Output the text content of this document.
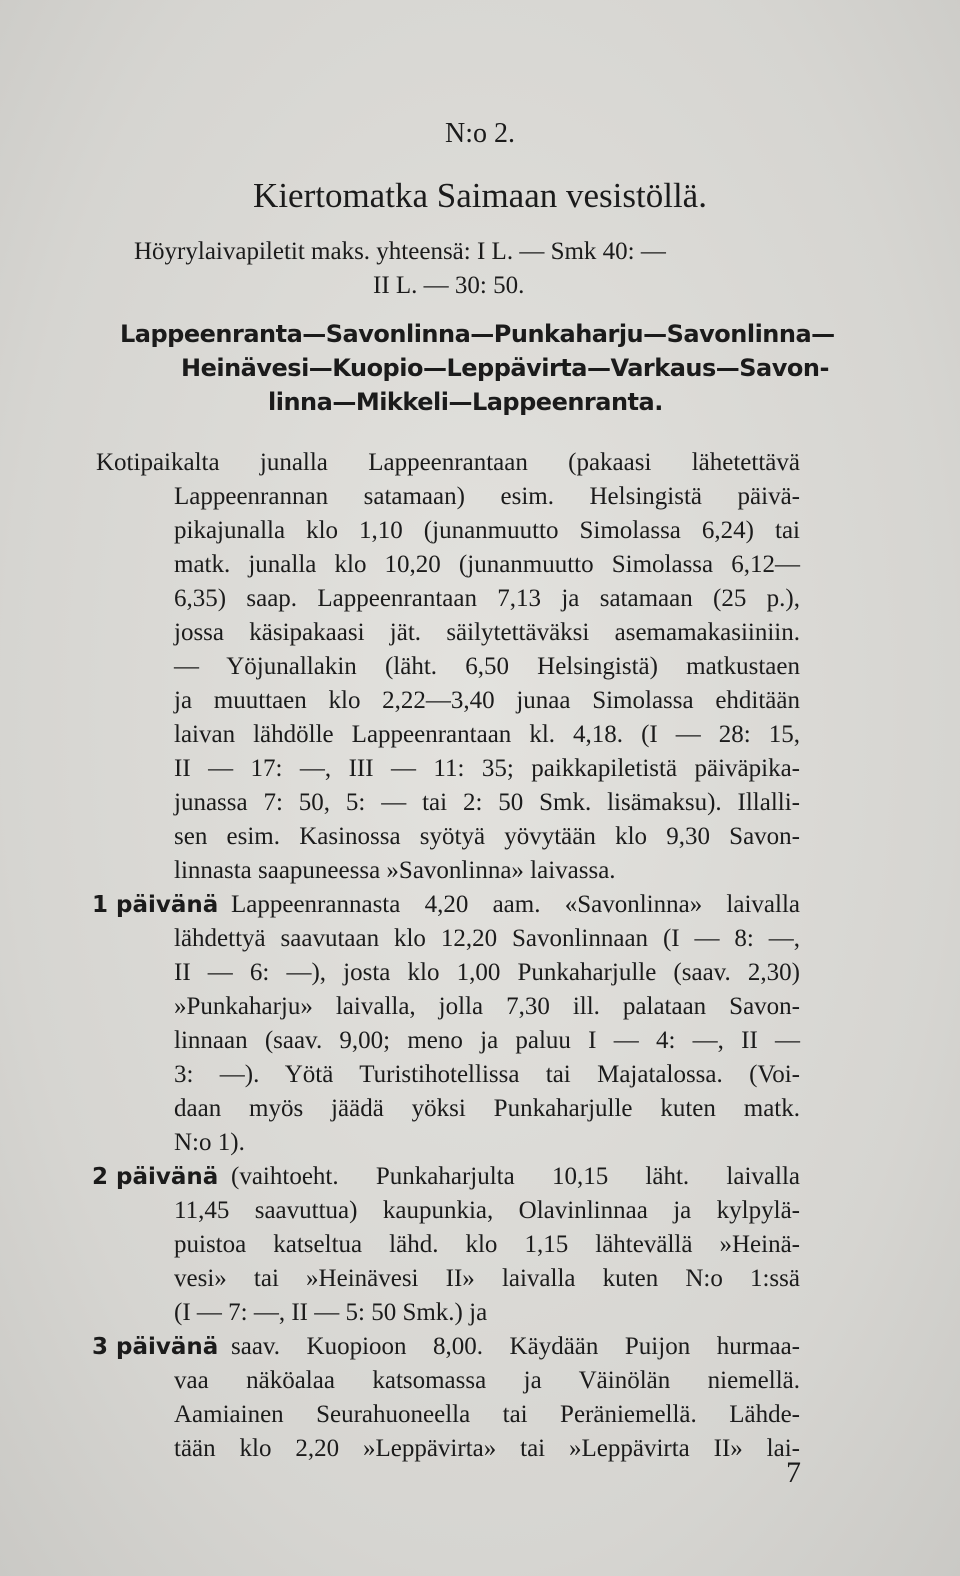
N:o 2.
Kiertomatka Saimaan vesistöllä.
Höyrylaivapiletit maks. yhteensä: I L. — Smk 40: —
II L. — 30: 50.
Lappeenranta—Savonlinna—Punkaharju—Savonlinna—
Heinävesi—Kuopio—Leppävirta—Varkaus—Savon-
linna—Mikkeli—Lappeenranta.
Kotipaikalta junalla Lappeenrantaan (pakaasi lähetettävä
Lappeenrannan satamaan) esim. Helsingistä päivä-
pikajunalla klo 1,10 (junanmuutto Simolassa 6,24) tai
matk. junalla klo 10,20 (junanmuutto Simolassa 6,12—
6,35) saap. Lappeenrantaan 7,13 ja satamaan (25 p.),
jossa käsipakaasi jät. säilytettäväksi asemamakasiiniin.
— Yöjunallakin (läht. 6,50 Helsingistä) matkustaen
ja muuttaen klo 2,22—3,40 junaa Simolassa ehditään
laivan lähdölle Lappeenrantaan kl. 4,18. (I — 28: 15,
II — 17: —, III — 11: 35; paikkapiletistä päiväpika-
junassa 7: 50, 5: — tai 2: 50 Smk. lisämaksu). Illalli-
sen esim. Kasinossa syötyä yövytään klo 9,30 Savon-
linnasta saapuneessa »Savonlinna» laivassa.
1 päivänä Lappeenrannasta 4,20 aam. «Savonlinna» laivalla
lähdettyä saavutaan klo 12,20 Savonlinnaan (I — 8: —,
II — 6: —), josta klo 1,00 Punkaharjulle (saav. 2,30)
»Punkaharju» laivalla, jolla 7,30 ill. palataan Savon-
linnaan (saav. 9,00; meno ja paluu I — 4: —, II —
3: —). Yötä Turistihotellissa tai Majatalossa. (Voi-
daan myös jäädä yöksi Punkaharjulle kuten matk.
N:o 1).
2 päivänä (vaihtoeht. Punkaharjulta 10,15 läht. laivalla
11,45 saavuttua) kaupunkia, Olavinlinnaa ja kylpylä-
puistoa katseltua lähd. klo 1,15 lähtevällä »Heinä-
vesi» tai »Heinävesi II» laivalla kuten N:o 1:ssä
(I — 7: —, II — 5: 50 Smk.) ja
3 päivänä saav. Kuopioon 8,00. Käydään Puijon hurmaa-
vaa näköalaa katsomassa ja Väinölän niemellä.
Aamiainen Seurahuoneella tai Peräniemellä. Lähde-
tään klo 2,20 »Leppävirta» tai »Leppävirta II» lai-
7
